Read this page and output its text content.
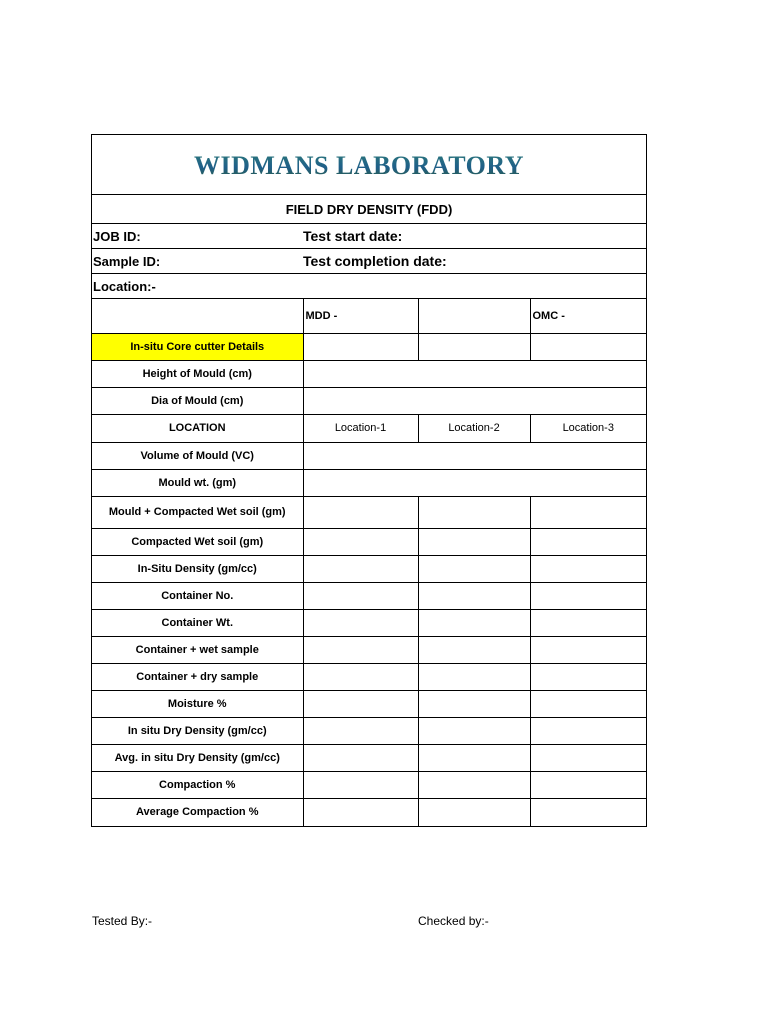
WIDMANS LABORATORY
FIELD DRY DENSITY (FDD)
JOB ID:	Test start date:
Sample ID:	Test completion date:
Location:-
	MDD -		OMC -
In-situ Core cutter Details			
Height of Mould (cm)			
Dia of Mould (cm)			
LOCATION	Location-1	Location-2	Location-3
Volume of Mould (VC)			
Mould wt. (gm)			
Mould + Compacted Wet soil (gm)			
Compacted Wet soil (gm)			
In-Situ Density (gm/cc)			
Container No.			
Container Wt.			
Container + wet sample			
Container + dry sample			
Moisture %			
In situ Dry Density (gm/cc)			
Avg. in situ Dry Density (gm/cc)			
Compaction %			
Average Compaction %			
Tested By:-	Checked by:-
